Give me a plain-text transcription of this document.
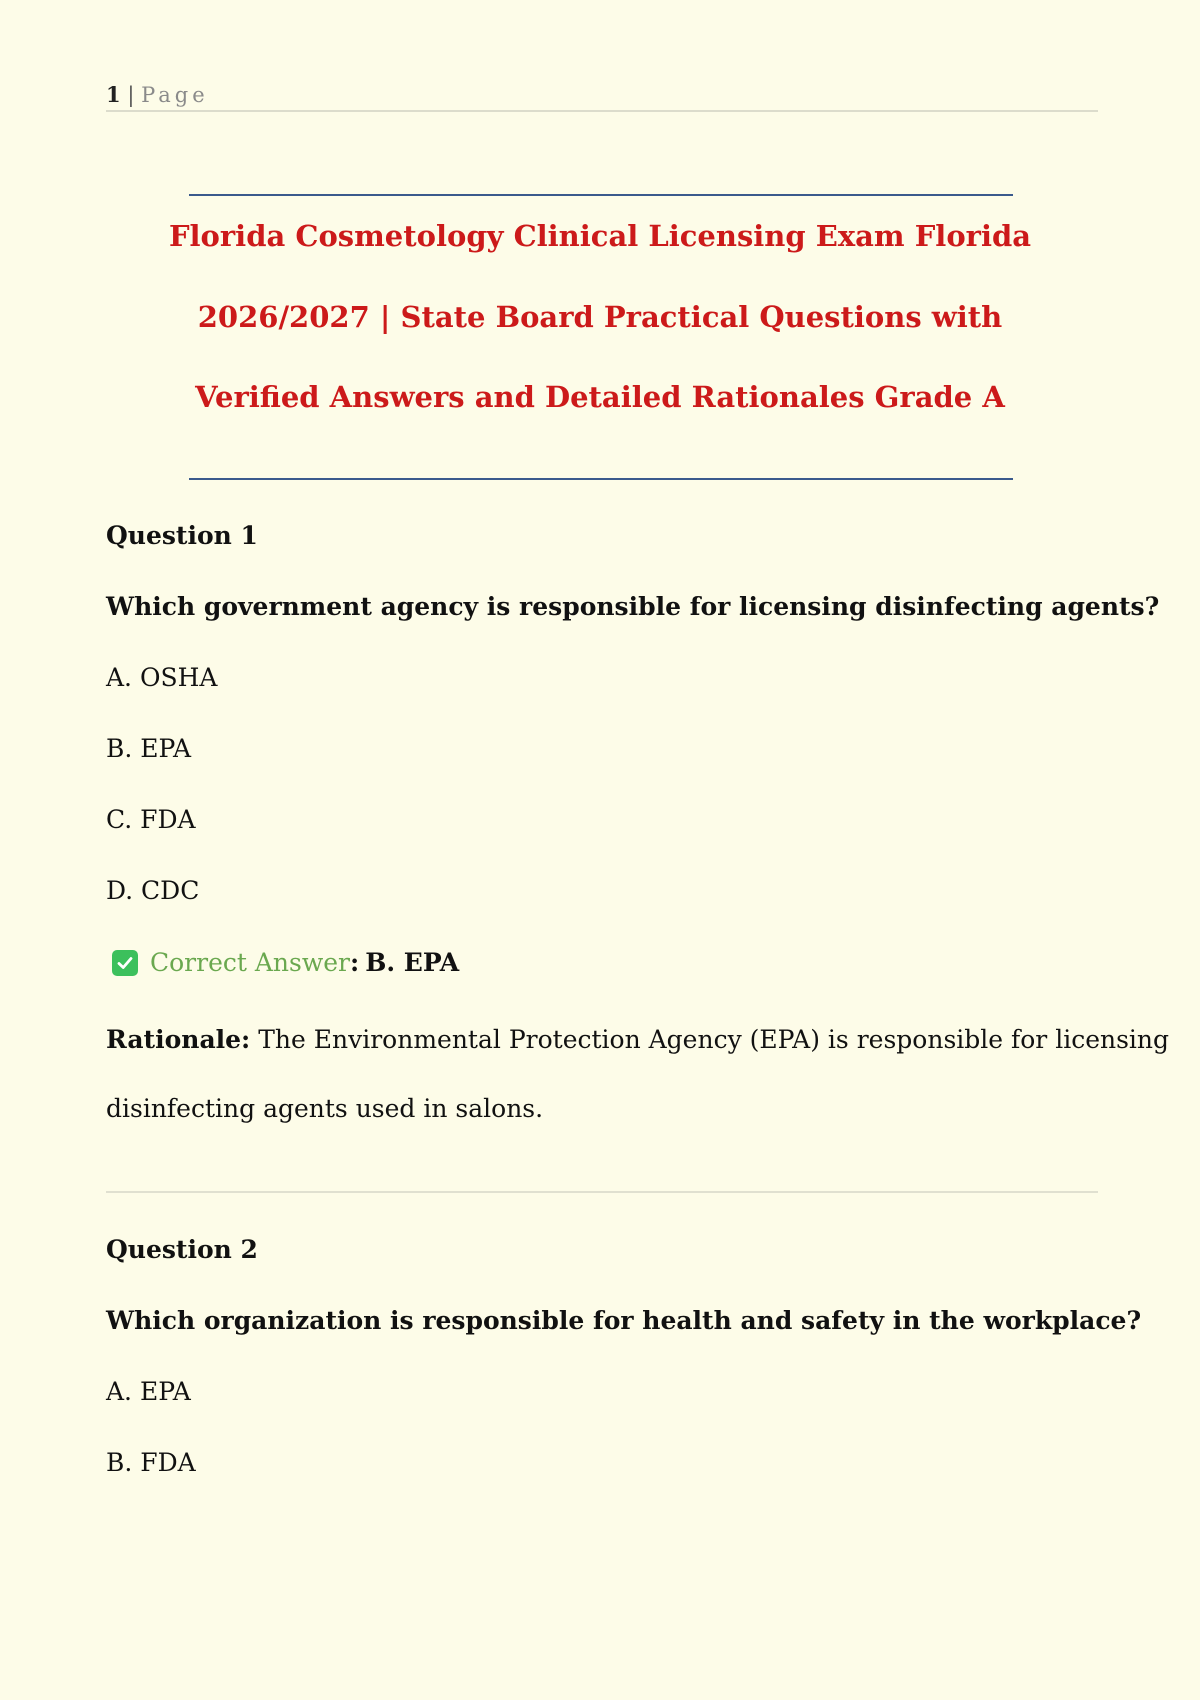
1 | Page
Florida Cosmetology Clinical Licensing Exam Florida
2026/2027 | State Board Practical Questions with
Verified Answers and Detailed Rationales Grade A
Question 1
Which government agency is responsible for licensing disinfecting agents?
A. OSHA
B. EPA
C. FDA
D. CDC
Correct Answer : B. EPA
Rationale: The Environmental Protection Agency (EPA) is responsible for licensing
disinfecting agents used in salons.
Question 2
Which organization is responsible for health and safety in the workplace?
A. EPA
B. FDA
